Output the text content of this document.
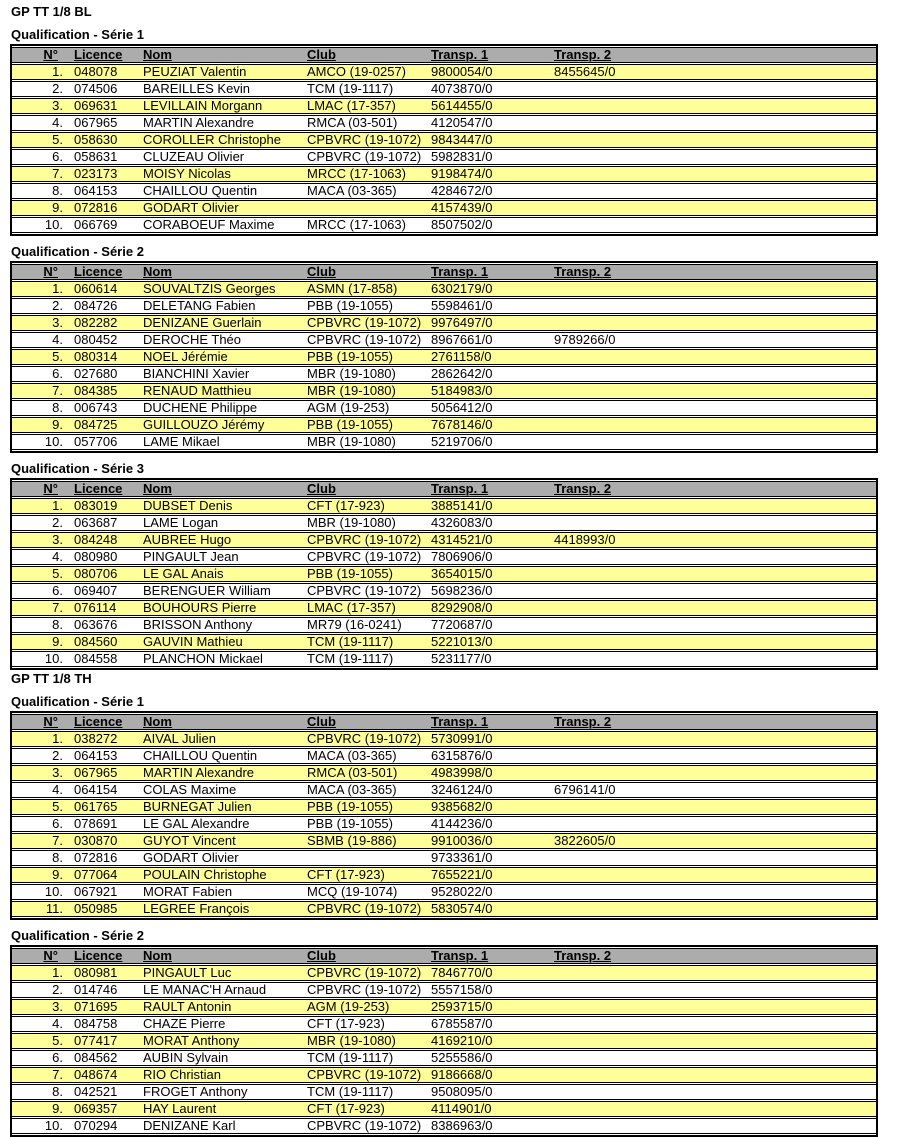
GP TT 1/8 BL
Qualification - Série 1
N°	Licence	Nom	Club	Transp. 1	Transp. 2
1.	048078	PEUZIAT Valentin	AMCO (19-0257)	9800054/0	8455645/0
2.	074506	BAREILLES Kevin	TCM (19-1117)	4073870/0	
3.	069631	LEVILLAIN Morgann	LMAC (17-357)	5614455/0	
4.	067965	MARTIN Alexandre	RMCA (03-501)	4120547/0	
5.	058630	COROLLER Christophe	CPBVRC (19-1072)	9843447/0	
6.	058631	CLUZEAU Olivier	CPBVRC (19-1072)	5982831/0	
7.	023173	MOISY Nicolas	MRCC (17-1063)	9198474/0	
8.	064153	CHAILLOU Quentin	MACA (03-365)	4284672/0	
9.	072816	GODART Olivier		4157439/0	
10.	066769	CORABOEUF Maxime	MRCC (17-1063)	8507502/0	
Qualification - Série 2
N°	Licence	Nom	Club	Transp. 1	Transp. 2
1.	060614	SOUVALTZIS Georges	ASMN (17-858)	6302179/0	
2.	084726	DELETANG Fabien	PBB (19-1055)	5598461/0	
3.	082282	DENIZANE Guerlain	CPBVRC (19-1072)	9976497/0	
4.	080452	DEROCHE Théo	CPBVRC (19-1072)	8967661/0	9789266/0
5.	080314	NOEL Jérémie	PBB (19-1055)	2761158/0	
6.	027680	BIANCHINI Xavier	MBR (19-1080)	2862642/0	
7.	084385	RENAUD Matthieu	MBR (19-1080)	5184983/0	
8.	006743	DUCHENE Philippe	AGM (19-253)	5056412/0	
9.	084725	GUILLOUZO Jérémy	PBB (19-1055)	7678146/0	
10.	057706	LAME Mikael	MBR (19-1080)	5219706/0	
Qualification - Série 3
N°	Licence	Nom	Club	Transp. 1	Transp. 2
1.	083019	DUBSET Denis	CFT (17-923)	3885141/0	
2.	063687	LAME Logan	MBR (19-1080)	4326083/0	
3.	084248	AUBREE Hugo	CPBVRC (19-1072)	4314521/0	4418993/0
4.	080980	PINGAULT Jean	CPBVRC (19-1072)	7806906/0	
5.	080706	LE GAL Anais	PBB (19-1055)	3654015/0	
6.	069407	BERENGUER William	CPBVRC (19-1072)	5698236/0	
7.	076114	BOUHOURS Pierre	LMAC (17-357)	8292908/0	
8.	063676	BRISSON Anthony	MR79 (16-0241)	7720687/0	
9.	084560	GAUVIN Mathieu	TCM (19-1117)	5221013/0	
10.	084558	PLANCHON Mickael	TCM (19-1117)	5231177/0	
GP TT 1/8 TH
Qualification - Série 1
N°	Licence	Nom	Club	Transp. 1	Transp. 2
1.	038272	AIVAL Julien	CPBVRC (19-1072)	5730991/0	
2.	064153	CHAILLOU Quentin	MACA (03-365)	6315876/0	
3.	067965	MARTIN Alexandre	RMCA (03-501)	4983998/0	
4.	064154	COLAS Maxime	MACA (03-365)	3246124/0	6796141/0
5.	061765	BURNEGAT Julien	PBB (19-1055)	9385682/0	
6.	078691	LE GAL Alexandre	PBB (19-1055)	4144236/0	
7.	030870	GUYOT Vincent	SBMB (19-886)	9910036/0	3822605/0
8.	072816	GODART Olivier		9733361/0	
9.	077064	POULAIN Christophe	CFT (17-923)	7655221/0	
10.	067921	MORAT Fabien	MCQ (19-1074)	9528022/0	
11.	050985	LEGREE François	CPBVRC (19-1072)	5830574/0	
Qualification - Série 2
N°	Licence	Nom	Club	Transp. 1	Transp. 2
1.	080981	PINGAULT Luc	CPBVRC (19-1072)	7846770/0	
2.	014746	LE MANAC'H Arnaud	CPBVRC (19-1072)	5557158/0	
3.	071695	RAULT Antonin	AGM (19-253)	2593715/0	
4.	084758	CHAZE Pierre	CFT (17-923)	6785587/0	
5.	077417	MORAT Anthony	MBR (19-1080)	4169210/0	
6.	084562	AUBIN Sylvain	TCM (19-1117)	5255586/0	
7.	048674	RIO Christian	CPBVRC (19-1072)	9186668/0	
8.	042521	FROGET Anthony	TCM (19-1117)	9508095/0	
9.	069357	HAY Laurent	CFT (17-923)	4114901/0	
10.	070294	DENIZANE Karl	CPBVRC (19-1072)	8386963/0	
